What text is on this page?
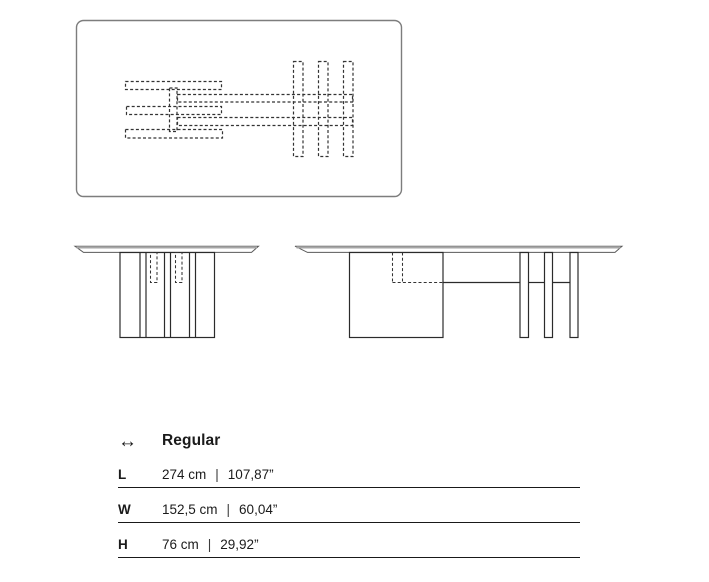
↔	Regular
L	274 cm | 107,87”
W	152,5 cm | 60,04”
H	76 cm | 29,92”
